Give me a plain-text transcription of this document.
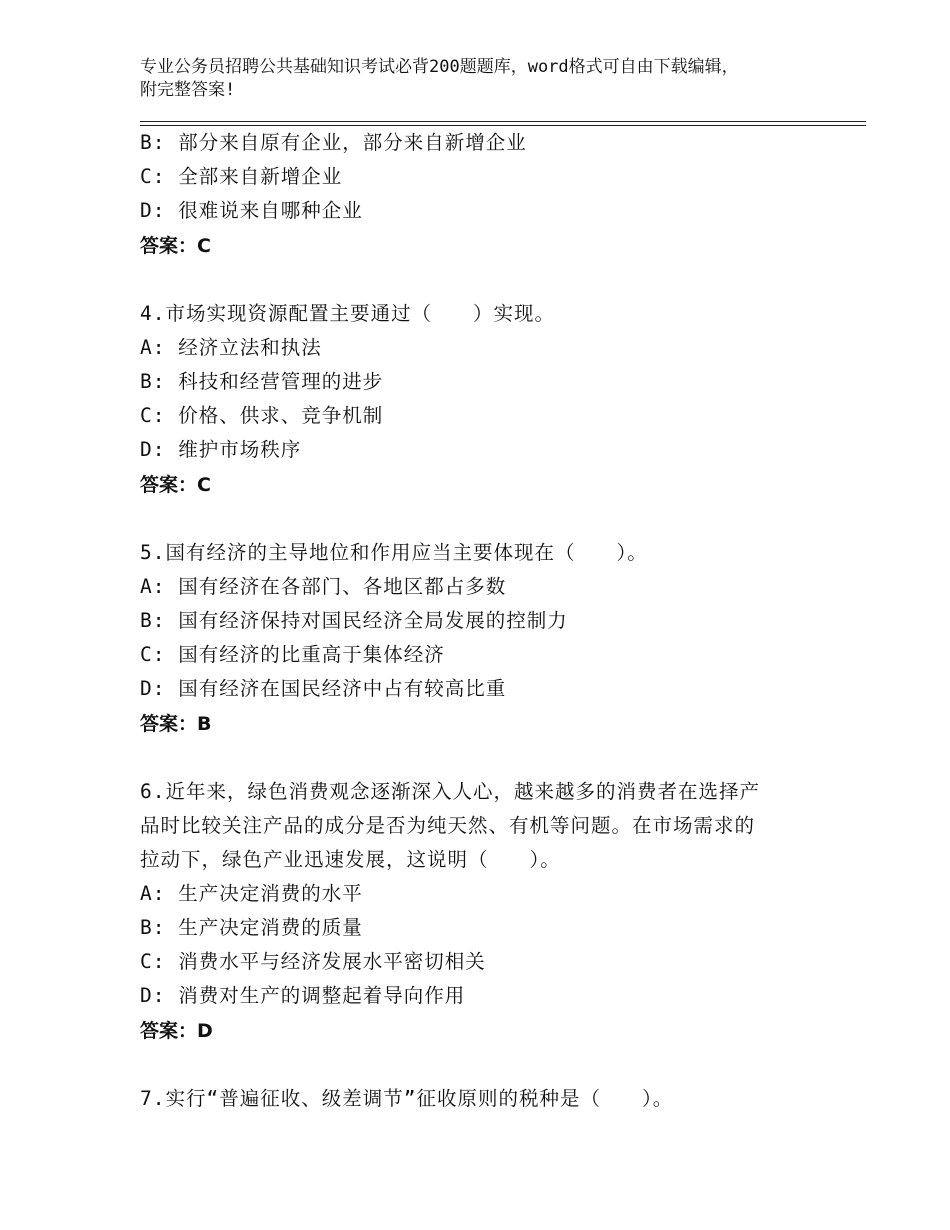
专业公务员招聘公共基础知识考试必背200题题库，word格式可自由下载编辑，
附完整答案!
B: 部分来自原有企业，部分来自新增企业
C: 全部来自新增企业
D: 很难说来自哪种企业
答案：C
4.市场实现资源配置主要通过（　　）实现。
A: 经济立法和执法
B: 科技和经营管理的进步
C: 价格、供求、竞争机制
D: 维护市场秩序
答案：C
5.国有经济的主导地位和作用应当主要体现在（　　）。
A: 国有经济在各部门、各地区都占多数
B: 国有经济保持对国民经济全局发展的控制力
C: 国有经济的比重高于集体经济
D: 国有经济在国民经济中占有较高比重
答案：B
6.近年来，绿色消费观念逐渐深入人心，越来越多的消费者在选择产
品时比较关注产品的成分是否为纯天然、有机等问题。在市场需求的
拉动下，绿色产业迅速发展，这说明（　　）。
A: 生产决定消费的水平
B: 生产决定消费的质量
C: 消费水平与经济发展水平密切相关
D: 消费对生产的调整起着导向作用
答案：D
7.实行“普遍征收、级差调节”征收原则的税种是（　　）。
